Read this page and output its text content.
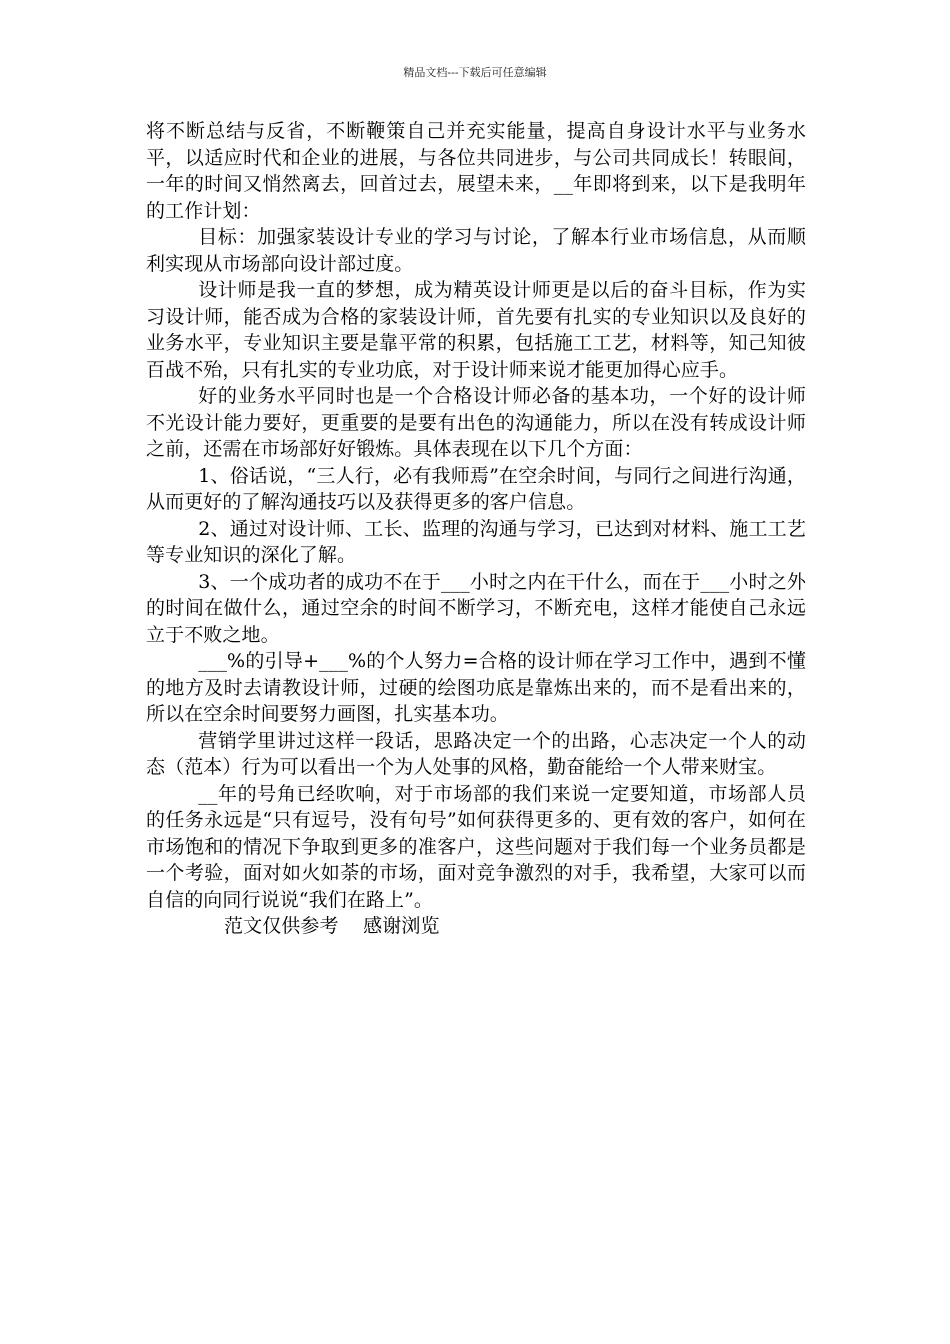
精品文档---下载后可任意编辑

将不断总结与反省，不断鞭策自己并充实能量，提高自身设计水平与业务水平，以适应时代和企业的进展，与各位共同进步，与公司共同成长！转眼间，一年的时间又悄然离去，回首过去，展望未来，__年即将到来，以下是我明年的工作计划：

目标：加强家装设计专业的学习与讨论，了解本行业市场信息，从而顺利实现从市场部向设计部过度。

设计师是我一直的梦想，成为精英设计师更是以后的奋斗目标，作为实习设计师，能否成为合格的家装设计师，首先要有扎实的专业知识以及良好的业务水平，专业知识主要是靠平常的积累，包括施工工艺，材料等，知己知彼百战不殆，只有扎实的专业功底，对于设计师来说才能更加得心应手。

好的业务水平同时也是一个合格设计师必备的基本功，一个好的设计师不光设计能力要好，更重要的是要有出色的沟通能力，所以在没有转成设计师之前，还需在市场部好好锻炼。具体表现在以下几个方面：

1、俗话说，“三人行，必有我师焉”在空余时间，与同行之间进行沟通，从而更好的了解沟通技巧以及获得更多的客户信息。

2、通过对设计师、工长、监理的沟通与学习，已达到对材料、施工工艺等专业知识的深化了解。

3、一个成功者的成功不在于___小时之内在干什么，而在于___小时之外的时间在做什么，通过空余的时间不断学习，不断充电，这样才能使自己永远立于不败之地。

___%的引导+___%的个人努力=合格的设计师在学习工作中，遇到不懂的地方及时去请教设计师，过硬的绘图功底是靠炼出来的，而不是看出来的，所以在空余时间要努力画图，扎实基本功。

营销学里讲过这样一段话，思路决定一个的出路，心志决定一个人的动态（范本）行为可以看出一个为人处事的风格，勤奋能给一个人带来财宝。

__年的号角已经吹响，对于市场部的我们来说一定要知道，市场部人员的任务永远是“只有逗号，没有句号”如何获得更多的、更有效的客户，如何在市场饱和的情况下争取到更多的准客户，这些问题对于我们每一个业务员都是一个考验，面对如火如荼的市场，面对竞争激烈的对手，我希望，大家可以而自信的向同行说说“我们在路上”。

范文仅供参考    感谢浏览
